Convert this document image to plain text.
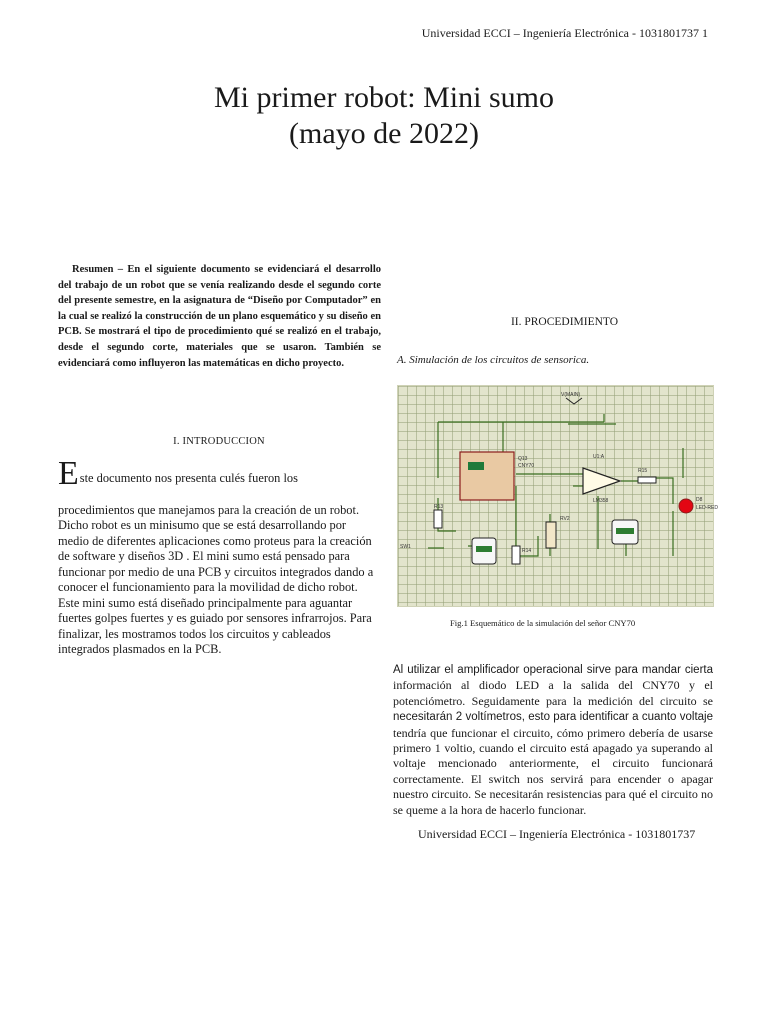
Universidad ECCI – Ingeniería Electrónica - 1031801737 1
Mi primer robot: Mini sumo
(mayo de 2022)

Resumen – En el siguiente documento se evidenciará el desarrollo del trabajo de un robot que se venía realizando desde el segundo corte del presente semestre, en la asignatura de “Diseño por Computador” en la cual se realizó la construcción de un plano esquemático y su diseño en PCB. Se mostrará el tipo de procedimiento qué se realizó en el trabajo, desde el segundo corte, materiales que se usaron. También se evidenciará como influyeron las matemáticas en dicho proyecto.

I. INTRODUCCION
E ste documento nos presenta culés fueron los
procedimientos que manejamos para la creación de un robot. Dicho robot es un minisumo que se está desarrollando por medio de diferentes aplicaciones como proteus para la creación de software y diseños 3D . El mini sumo está pensado para funcionar por medio de una PCB y circuitos integrados dando a conocer el funcionamiento para la movilidad de dicho robot. Este mini sumo está diseñado principalmente para aguantar fuertes golpes fuertes y es guiado por sensores infrarrojos. Para finalizar, les mostramos todos los circuitos y cableados integrados plasmados en la PCB.
II. PROCEDIMIENTO
A. Simulación de los circuitos de sensorica.
Q13
CNY70
U1:A
LM358
R13
R14
R15
RV2
D8
LED-RED
V(MAIN)
SW1
Fig.1 Esquemático de la simulación del señor CNY70

Al utilizar el amplificador operacional sirve para mandar cierta información al diodo LED a la salida del CNY70 y el potenciómetro. Seguidamente para la medición del circuito se necesitarán 2 voltímetros, esto para identificar a cuanto voltaje tendría que funcionar el circuito, cómo primero debería de usarse primero 1 voltio, cuando el circuito está apagado ya superando al voltaje mencionado anteriormente, el circuito funcionará correctamente. El switch nos servirá para encender o apagar nuestro circuito. Se necesitarán resistencias para qué el circuito no se queme a la hora de hacerlo funcionar.

Universidad ECCI – Ingeniería Electrónica - 1031801737
